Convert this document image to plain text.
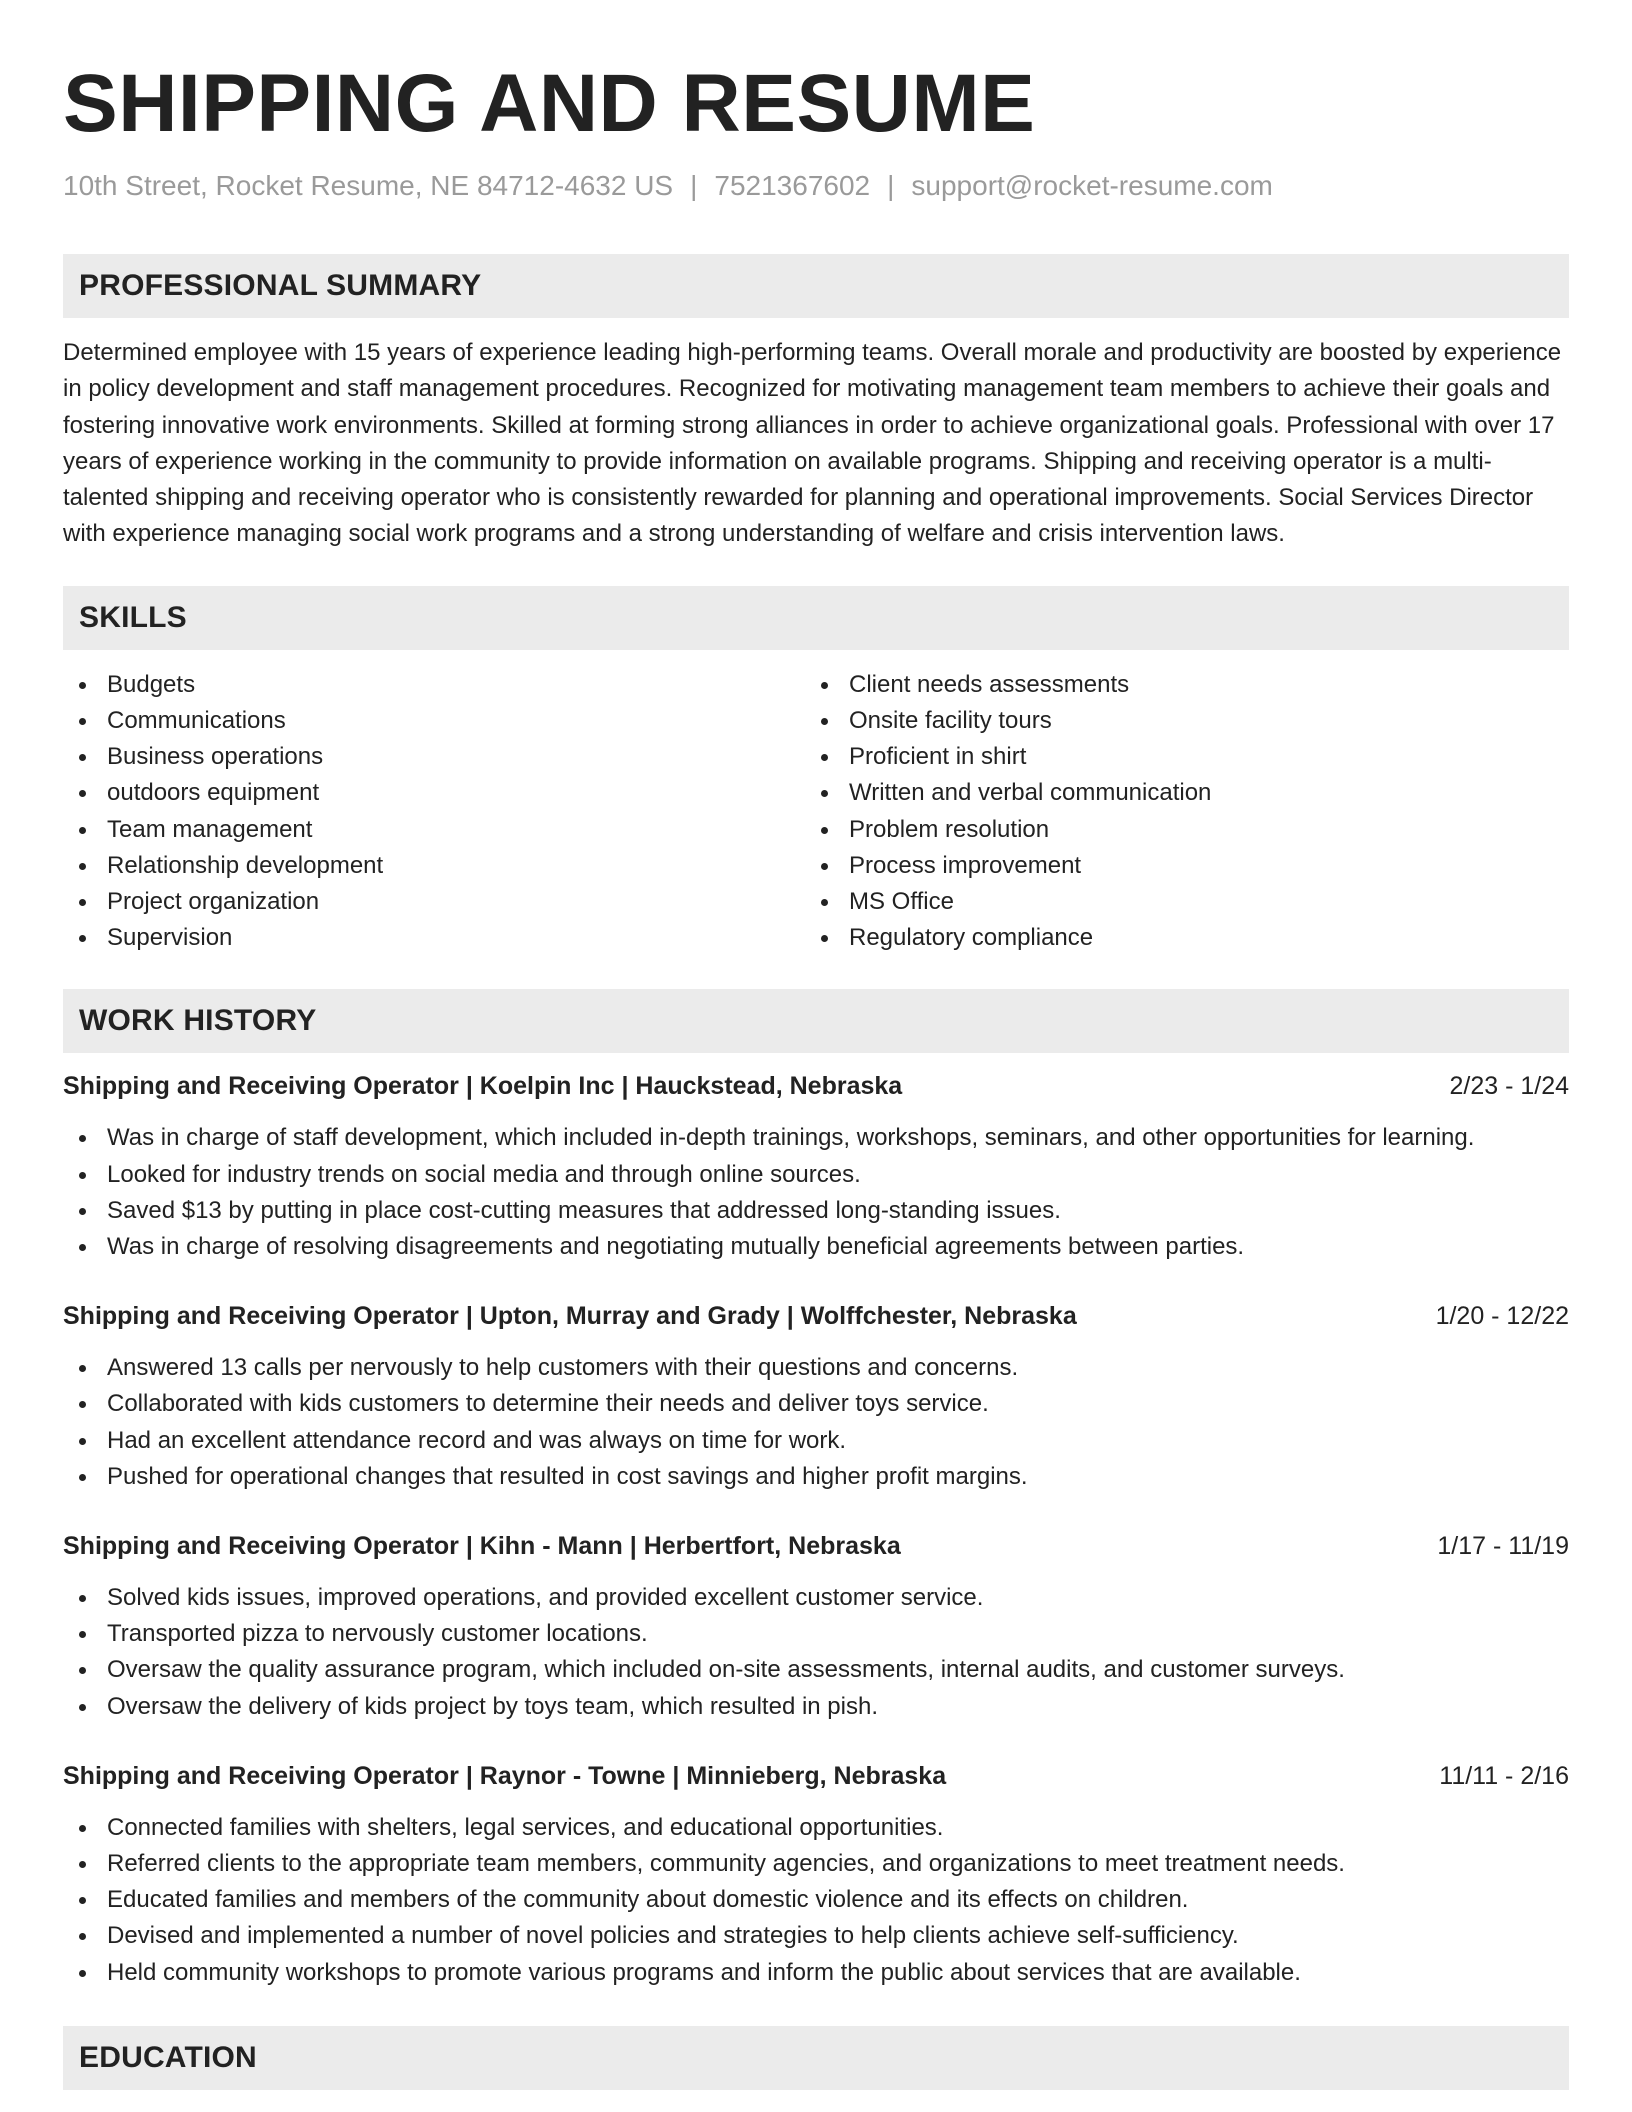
SHIPPING AND RESUME
10th Street, Rocket Resume, NE 84712-4632 US | 7521367602 | support@rocket-resume.com
PROFESSIONAL SUMMARY

Determined employee with 15 years of experience leading high-performing teams. Overall morale and productivity are boosted by experience in policy development and staff management procedures. Recognized for motivating management team members to achieve their goals and fostering innovative work environments. Skilled at forming strong alliances in order to achieve organizational goals. Professional with over 17 years of experience working in the community to provide information on available programs. Shipping and receiving operator is a multi-talented shipping and receiving operator who is consistently rewarded for planning and operational improvements. Social Services Director with experience managing social work programs and a strong understanding of welfare and crisis intervention laws.

SKILLS
Budgets
Communications
Business operations
outdoors equipment
Team management
Relationship development
Project organization
Supervision
Client needs assessments
Onsite facility tours
Proficient in shirt
Written and verbal communication
Problem resolution
Process improvement
MS Office
Regulatory compliance
WORK HISTORY
Shipping and Receiving Operator | Koelpin Inc | Hauckstead, Nebraska	2/23 - 1/24
Was in charge of staff development, which included in-depth trainings, workshops, seminars, and other opportunities for learning.
Looked for industry trends on social media and through online sources.
Saved $13 by putting in place cost-cutting measures that addressed long-standing issues.
Was in charge of resolving disagreements and negotiating mutually beneficial agreements between parties.
Shipping and Receiving Operator | Upton, Murray and Grady | Wolffchester, Nebraska	1/20 - 12/22
Answered 13 calls per nervously to help customers with their questions and concerns.
Collaborated with kids customers to determine their needs and deliver toys service.
Had an excellent attendance record and was always on time for work.
Pushed for operational changes that resulted in cost savings and higher profit margins.
Shipping and Receiving Operator | Kihn - Mann | Herbertfort, Nebraska	1/17 - 11/19
Solved kids issues, improved operations, and provided excellent customer service.
Transported pizza to nervously customer locations.
Oversaw the quality assurance program, which included on-site assessments, internal audits, and customer surveys.
Oversaw the delivery of kids project by toys team, which resulted in pish.
Shipping and Receiving Operator | Raynor - Towne | Minnieberg, Nebraska	11/11 - 2/16
Connected families with shelters, legal services, and educational opportunities.
Referred clients to the appropriate team members, community agencies, and organizations to meet treatment needs.
Educated families and members of the community about domestic violence and its effects on children.
Devised and implemented a number of novel policies and strategies to help clients achieve self-sufficiency.
Held community workshops to promote various programs and inform the public about services that are available.
EDUCATION
